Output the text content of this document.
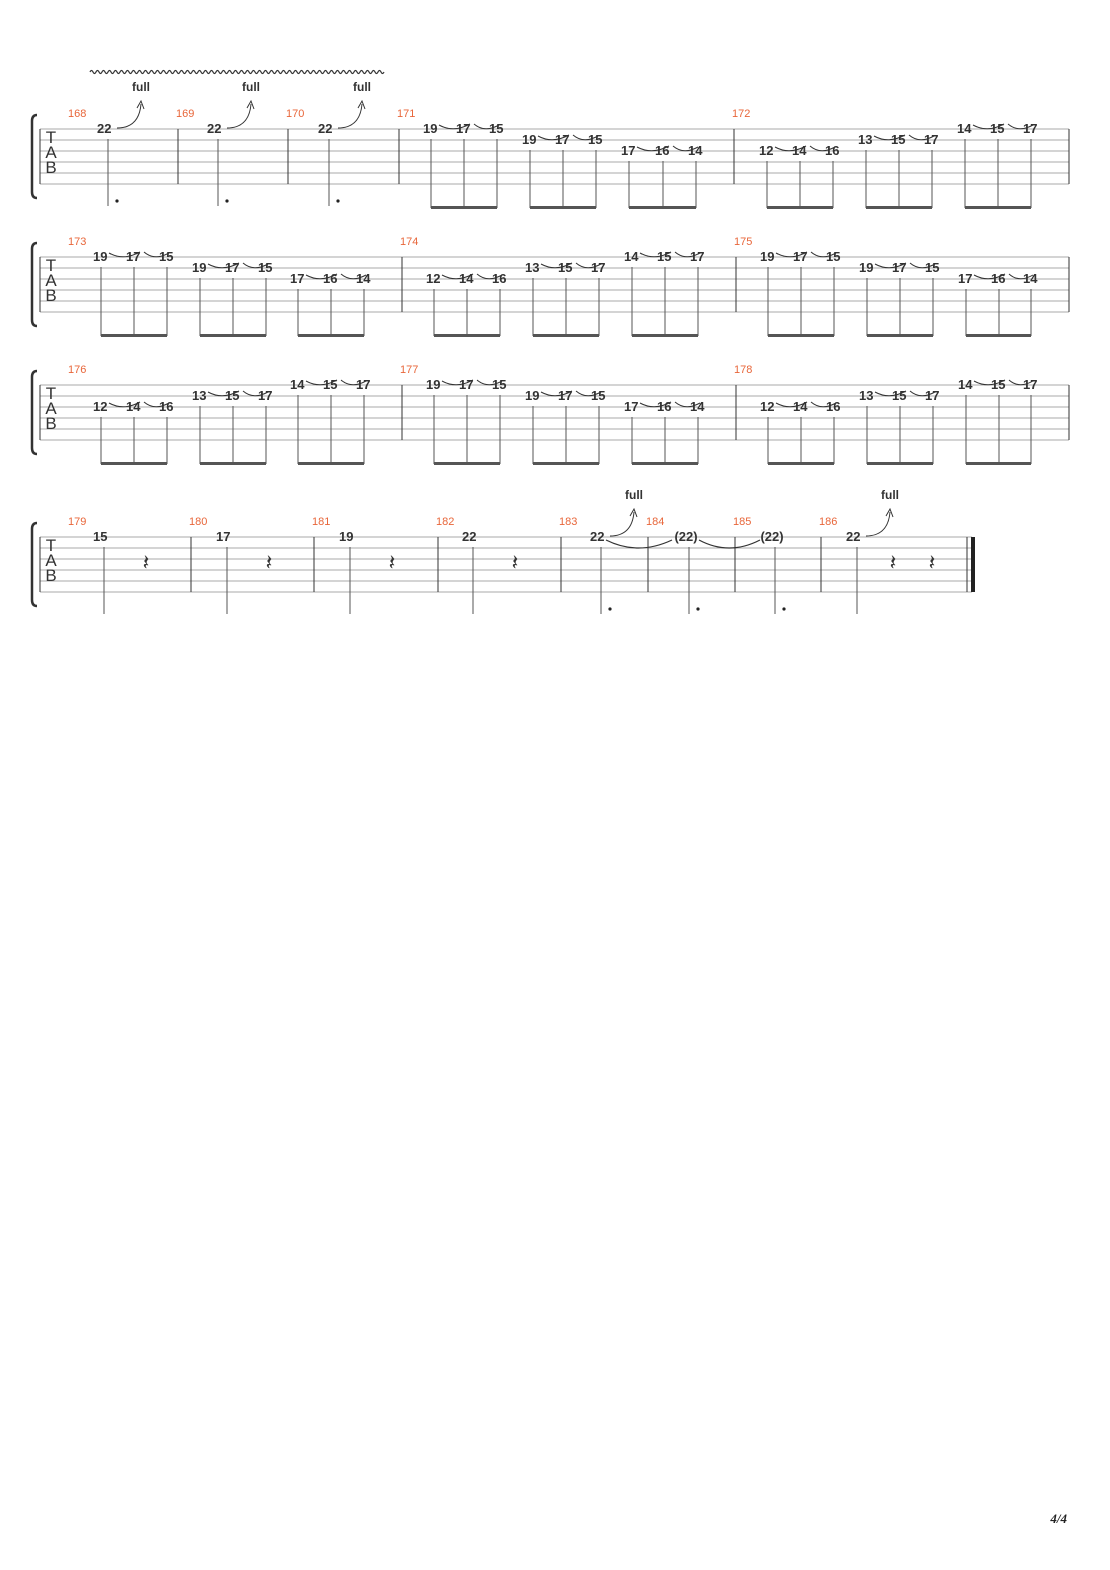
T
A
B
168
22
full
169
22
full
170
22
full
171
19 17 15
19 17 15
17 16 14
172
12 14 16
13 15 17
14 15 17
T
A
B
173
19 17 15
19 17 15
17 16 14
174
12 14 16
13 15 17
14 15 17
175
19 17 15
19 17 15
17 16 14
T
A
B
176
12 14 16
13 15 17
14 15 17
177
19 17 15
19 17 15
17 16 14
178
12 14 16
13 15 17
14 15 17
T
A
B
179
15
𝄽
180
17
𝄽
181
19
𝄽
182
22
𝄽
183
22
full
184
(22)
185
(22)
186
22
full
𝄽 𝄽
4/4
